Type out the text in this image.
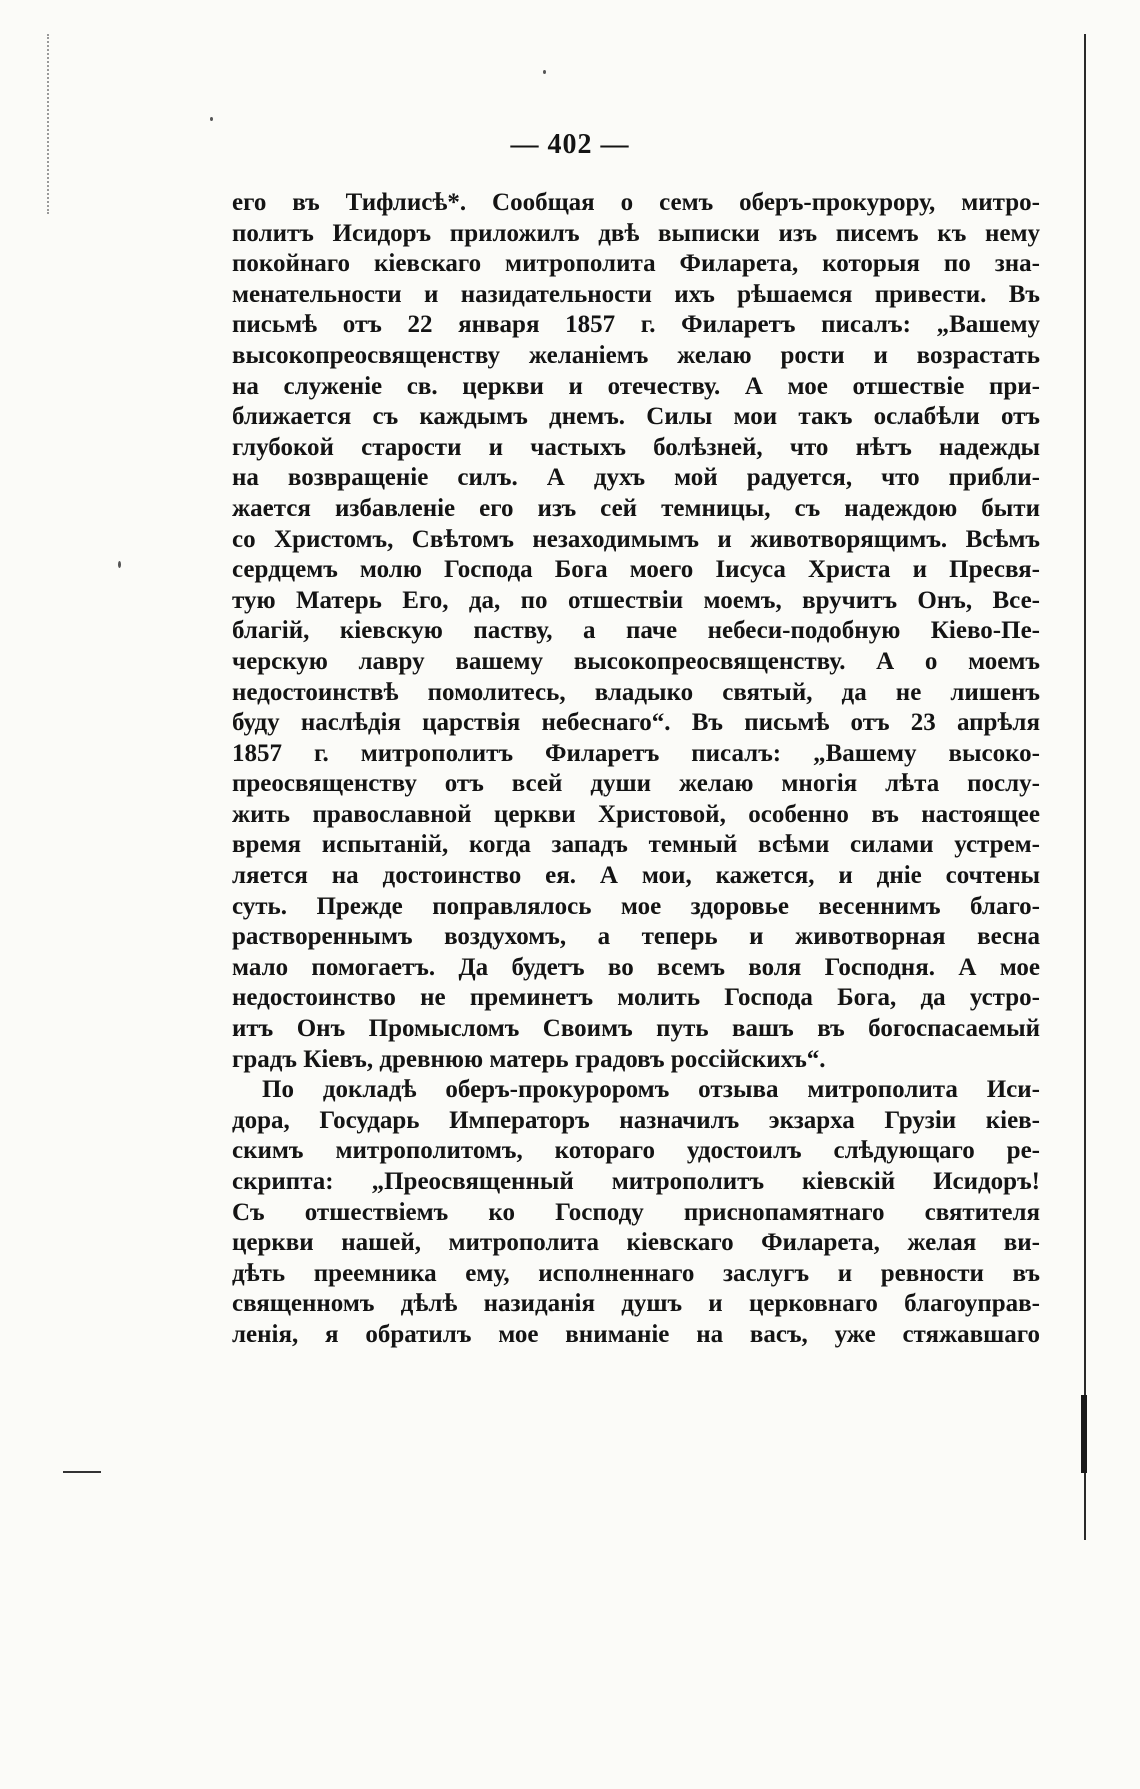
— 402 —
его въ Тифлисѣ*. Сообщая о семъ оберъ-прокурору, митро-
политъ Исидоръ приложилъ двѣ выписки изъ писемъ къ нему
покойнаго кіевскаго митрополита Филарета, которыя по зна-
менательности и назидательности ихъ рѣшаемся привести. Въ
письмѣ отъ 22 января 1857 г. Филаретъ писалъ: „Вашему
высокопреосвященству желаніемъ желаю рости и возрастать
на служеніе св. церкви и отечеству. А мое отшествіе при-
ближается съ каждымъ днемъ. Силы мои такъ ослабѣли отъ
глубокой старости и частыхъ болѣзней, что нѣтъ надежды
на возвращеніе силъ. А духъ мой радуется, что прибли-
жается избавленіе его изъ сей темницы, съ надеждою быти
со Христомъ, Свѣтомъ незаходимымъ и животворящимъ. Всѣмъ
сердцемъ молю Господа Бога моего Іисуса Христа и Пресвя-
тую Матерь Его, да, по отшествіи моемъ, вручитъ Онъ, Все-
благій, кіевскую паству, а паче небеси-подобную Кіево-Пе-
черскую лавру вашему высокопреосвященству. А о моемъ
недостоинствѣ помолитесь, владыко святый, да не лишенъ
буду наслѣдія царствія небеснаго“. Въ письмѣ отъ 23 апрѣля
1857 г. митрополитъ Филаретъ писалъ: „Вашему высоко-
преосвященству отъ всей души желаю многія лѣта послу-
жить православной церкви Христовой, особенно въ настоящее
время испытаній, когда западъ темный всѣми силами устрем-
ляется на достоинство ея. А мои, кажется, и дніе сочтены
суть. Прежде поправлялось мое здоровье весеннимъ благо-
раствореннымъ воздухомъ, а теперь и животворная весна
мало помогаетъ. Да будетъ во всемъ воля Господня. А мое
недостоинство не преминетъ молить Господа Бога, да устро-
итъ Онъ Промысломъ Своимъ путь вашъ въ богоспасаемый
градъ Кіевъ, древнюю матерь градовъ россійскихъ“.
По докладѣ оберъ-прокуроромъ отзыва митрополита Иси-
дора, Государь Императоръ назначилъ экзарха Грузіи кіев-
скимъ митрополитомъ, котораго удостоилъ слѣдующаго ре-
скрипта: „Преосвященный митрополитъ кіевскій Исидоръ!
Съ отшествіемъ ко Господу приснопамятнаго святителя
церкви нашей, митрополита кіевскаго Филарета, желая ви-
дѣть преемника ему, исполненнаго заслугъ и ревности въ
священномъ дѣлѣ назиданія душъ и церковнаго благоуправ-
ленія, я обратилъ мое вниманіе на васъ, уже стяжавшаго
